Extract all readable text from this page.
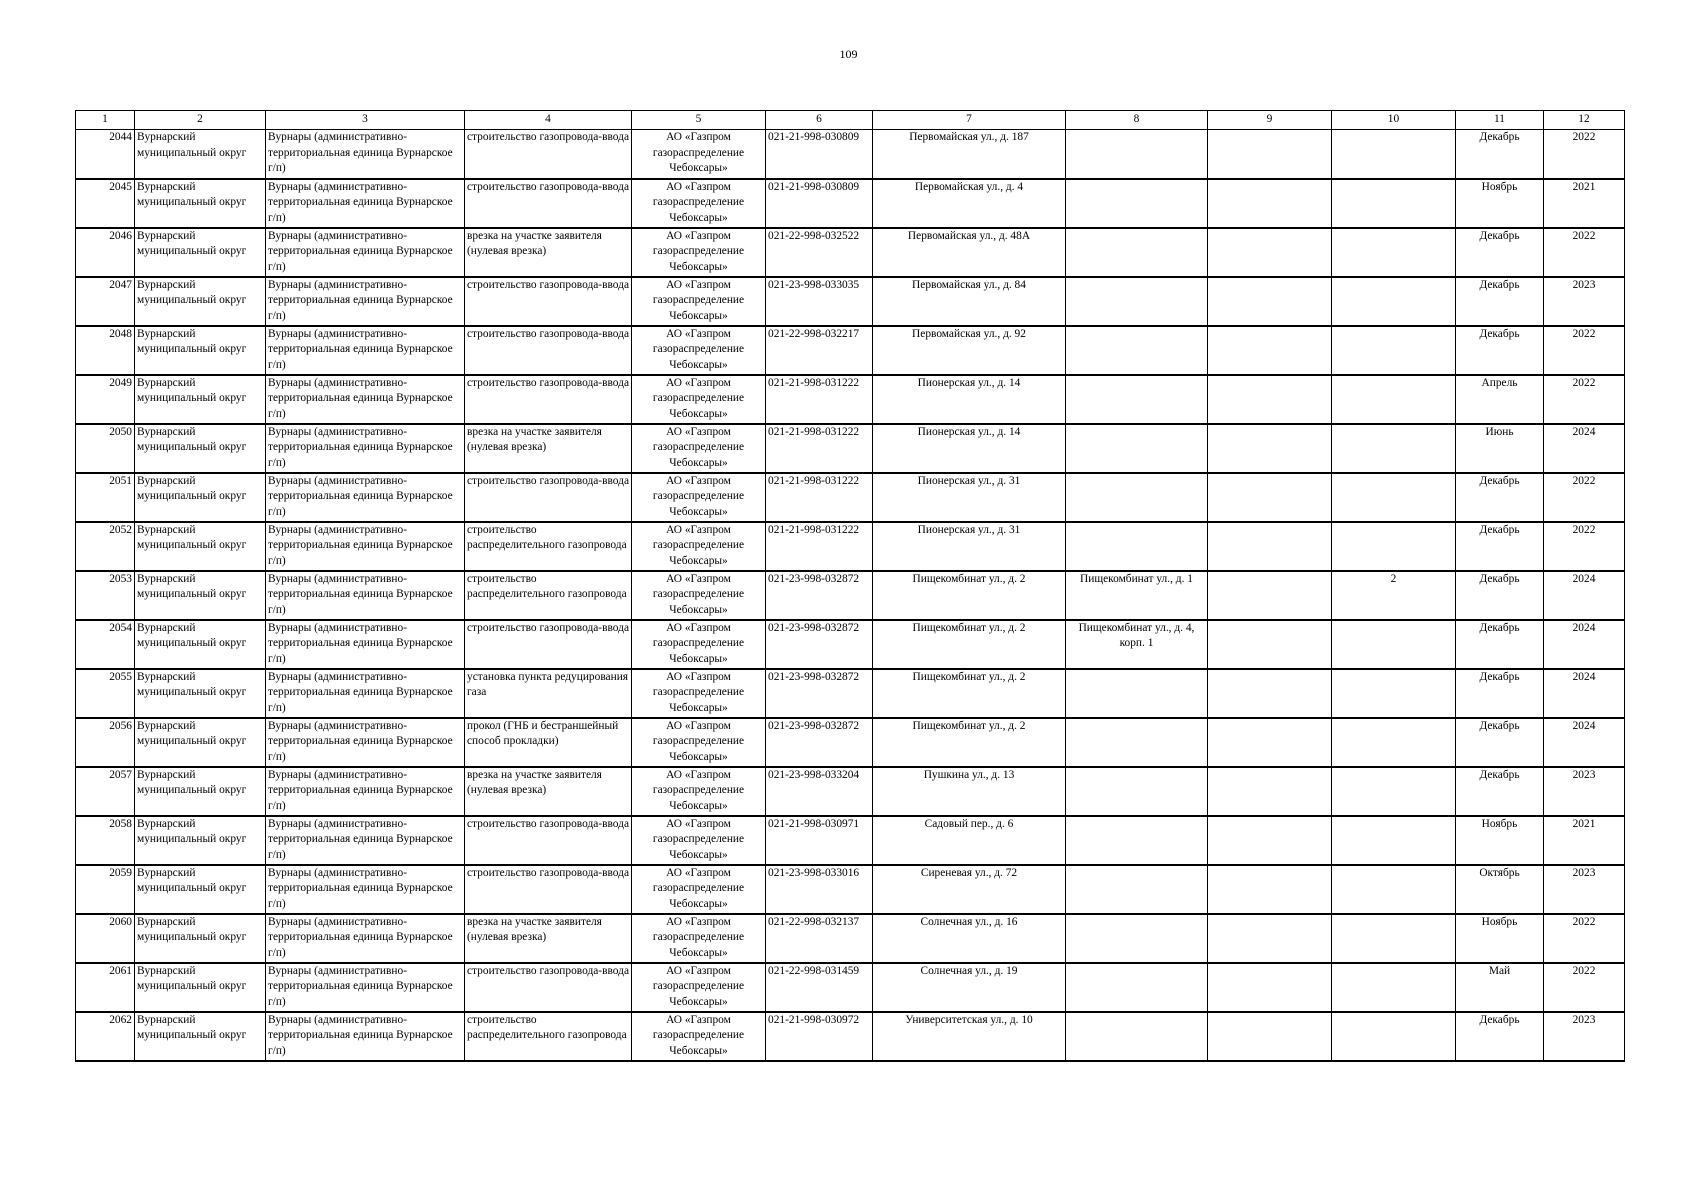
109
1	2	3	4	5	6	7	8	9	10	11	12
2044	Вурнарский муниципальный округ	Вурнары (административно-территориальная единица Вурнарское г/п)	строительство газопровода-ввода	АО «Газпром газораспределение Чебоксары»	021-21-998-030809	Первомайская ул., д. 187				Декабрь	2022
2045	Вурнарский муниципальный округ	Вурнары (административно-территориальная единица Вурнарское г/п)	строительство газопровода-ввода	АО «Газпром газораспределение Чебоксары»	021-21-998-030809	Первомайская ул., д. 4				Ноябрь	2021
2046	Вурнарский муниципальный округ	Вурнары (административно-территориальная единица Вурнарское г/п)	врезка на участке заявителя (нулевая врезка)	АО «Газпром газораспределение Чебоксары»	021-22-998-032522	Первомайская ул., д. 48А				Декабрь	2022
2047	Вурнарский муниципальный округ	Вурнары (административно-территориальная единица Вурнарское г/п)	строительство газопровода-ввода	АО «Газпром газораспределение Чебоксары»	021-23-998-033035	Первомайская ул., д. 84				Декабрь	2023
2048	Вурнарский муниципальный округ	Вурнары (административно-территориальная единица Вурнарское г/п)	строительство газопровода-ввода	АО «Газпром газораспределение Чебоксары»	021-22-998-032217	Первомайская ул., д. 92				Декабрь	2022
2049	Вурнарский муниципальный округ	Вурнары (административно-территориальная единица Вурнарское г/п)	строительство газопровода-ввода	АО «Газпром газораспределение Чебоксары»	021-21-998-031222	Пионерская ул., д. 14				Апрель	2022
2050	Вурнарский муниципальный округ	Вурнары (административно-территориальная единица Вурнарское г/п)	врезка на участке заявителя (нулевая врезка)	АО «Газпром газораспределение Чебоксары»	021-21-998-031222	Пионерская ул., д. 14				Июнь	2024
2051	Вурнарский муниципальный округ	Вурнары (административно-территориальная единица Вурнарское г/п)	строительство газопровода-ввода	АО «Газпром газораспределение Чебоксары»	021-21-998-031222	Пионерская ул., д. 31				Декабрь	2022
2052	Вурнарский муниципальный округ	Вурнары (административно-территориальная единица Вурнарское г/п)	строительство распределительного газопровода	АО «Газпром газораспределение Чебоксары»	021-21-998-031222	Пионерская ул., д. 31				Декабрь	2022
2053	Вурнарский муниципальный округ	Вурнары (административно-территориальная единица Вурнарское г/п)	строительство распределительного газопровода	АО «Газпром газораспределение Чебоксары»	021-23-998-032872	Пищекомбинат ул., д. 2	Пищекомбинат ул., д. 1		2	Декабрь	2024
2054	Вурнарский муниципальный округ	Вурнары (административно-территориальная единица Вурнарское г/п)	строительство газопровода-ввода	АО «Газпром газораспределение Чебоксары»	021-23-998-032872	Пищекомбинат ул., д. 2	Пищекомбинат ул., д. 4, корп. 1			Декабрь	2024
2055	Вурнарский муниципальный округ	Вурнары (административно-территориальная единица Вурнарское г/п)	установка пункта редуцирования газа	АО «Газпром газораспределение Чебоксары»	021-23-998-032872	Пищекомбинат ул., д. 2				Декабрь	2024
2056	Вурнарский муниципальный округ	Вурнары (административно-территориальная единица Вурнарское г/п)	прокол (ГНБ и бестраншейный способ прокладки)	АО «Газпром газораспределение Чебоксары»	021-23-998-032872	Пищекомбинат ул., д. 2				Декабрь	2024
2057	Вурнарский муниципальный округ	Вурнары (административно-территориальная единица Вурнарское г/п)	врезка на участке заявителя (нулевая врезка)	АО «Газпром газораспределение Чебоксары»	021-23-998-033204	Пушкина ул., д. 13				Декабрь	2023
2058	Вурнарский муниципальный округ	Вурнары (административно-территориальная единица Вурнарское г/п)	строительство газопровода-ввода	АО «Газпром газораспределение Чебоксары»	021-21-998-030971	Садовый пер., д. 6				Ноябрь	2021
2059	Вурнарский муниципальный округ	Вурнары (административно-территориальная единица Вурнарское г/п)	строительство газопровода-ввода	АО «Газпром газораспределение Чебоксары»	021-23-998-033016	Сиреневая ул., д. 72				Октябрь	2023
2060	Вурнарский муниципальный округ	Вурнары (административно-территориальная единица Вурнарское г/п)	врезка на участке заявителя (нулевая врезка)	АО «Газпром газораспределение Чебоксары»	021-22-998-032137	Солнечная ул., д. 16				Ноябрь	2022
2061	Вурнарский муниципальный округ	Вурнары (административно-территориальная единица Вурнарское г/п)	строительство газопровода-ввода	АО «Газпром газораспределение Чебоксары»	021-22-998-031459	Солнечная ул., д. 19				Май	2022
2062	Вурнарский муниципальный округ	Вурнары (административно-территориальная единица Вурнарское г/п)	строительство распределительного газопровода	АО «Газпром газораспределение Чебоксары»	021-21-998-030972	Университетская ул., д. 10				Декабрь	2023
